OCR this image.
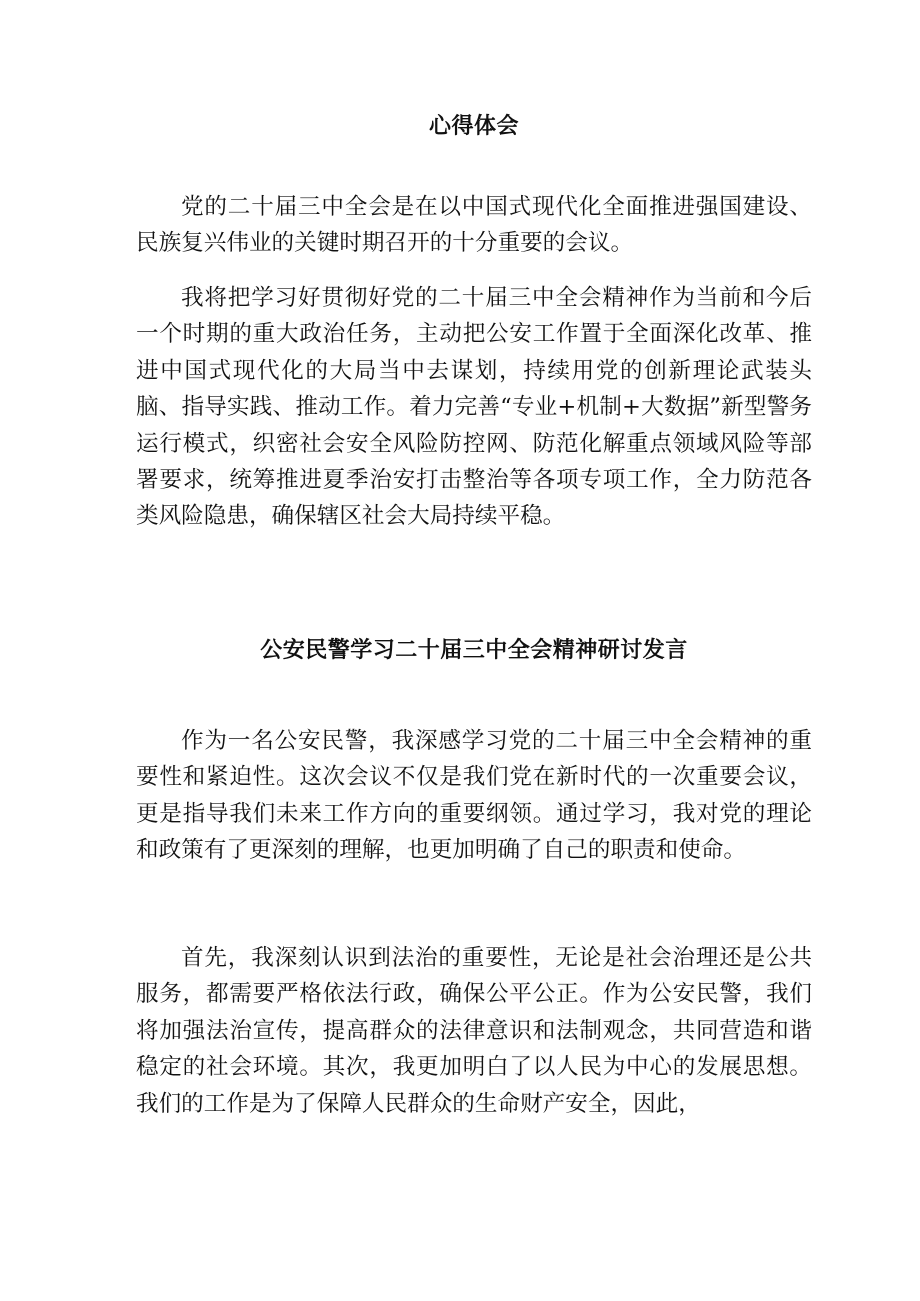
心得体会

党的二十届三中全会是在以中国式现代化全面推进强国建设、民族复兴伟业的关键时期召开的十分重要的会议。

我将把学习好贯彻好党的二十届三中全会精神作为当前和今后一个时期的重大政治任务，主动把公安工作置于全面深化改革、推进中国式现代化的大局当中去谋划，持续用党的创新理论武装头脑、指导实践、推动工作。着力完善“专业+机制+大数据”新型警务运行模式，织密社会安全风险防控网、防范化解重点领域风险等部署要求，统筹推进夏季治安打击整治等各项专项工作，全力防范各类风险隐患，确保辖区社会大局持续平稳。

公安民警学习二十届三中全会精神研讨发言

作为一名公安民警，我深感学习党的二十届三中全会精神的重要性和紧迫性。这次会议不仅是我们党在新时代的一次重要会议，更是指导我们未来工作方向的重要纲领。通过学习，我对党的理论和政策有了更深刻的理解，也更加明确了自己的职责和使命。

首先，我深刻认识到法治的重要性，无论是社会治理还是公共服务，都需要严格依法行政，确保公平公正。作为公安民警，我们将加强法治宣传，提高群众的法律意识和法制观念，共同营造和谐稳定的社会环境。其次，我更加明白了以人民为中心的发展思想。我们的工作是为了保障人民群众的生命财产安全，因此，
